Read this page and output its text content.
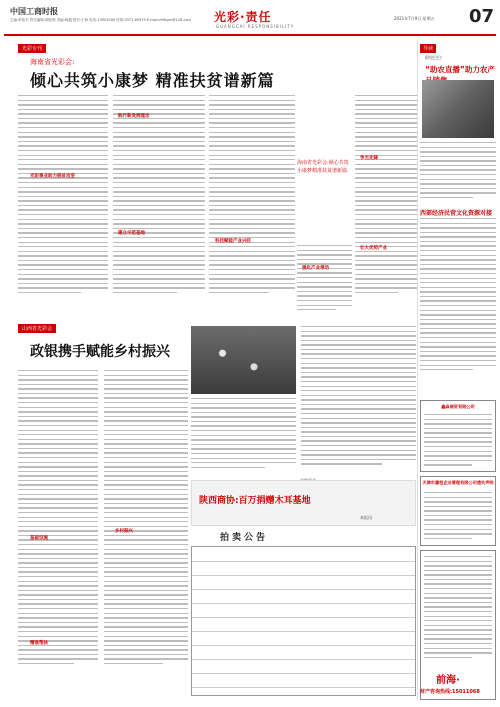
中国工商时报
主编:单伟平 责任编辑:胡爱瑛 美编:杨越 校对:王海 电话:13903090 传真:0371-69579 E-mail:zhfbgm@126.com	光彩·责任
GUANGCAI RESPONSIBILITY
2021年7月9日 星期五 07
光彩专刊
海南省光彩会:
倾心共筑小康梦 精准扶贫谱新篇
光彩事业助力脱贫攻坚
践行新发展理念
建立示范基地
科技赋能产业兴旺
海南省光彩会:倾心共筑小康梦精准扶贫谱新篇
强化产业带动
争当先锋
壮大优势产业
山西省光彩会
政银携手赋能乡村振兴
基础设施
精准帮扶
乡村振兴
陕西商协:百万捐赠木耳基地
本报讯
拍卖公告
导读
阿里巴巴:
“助农直播”助力农产
西部经济民营文化资源对接
鑫淼商贸有限公司
天津市嘉恒企业管理有限公司遗失声明
前海·
财产咨询热线:15011068
